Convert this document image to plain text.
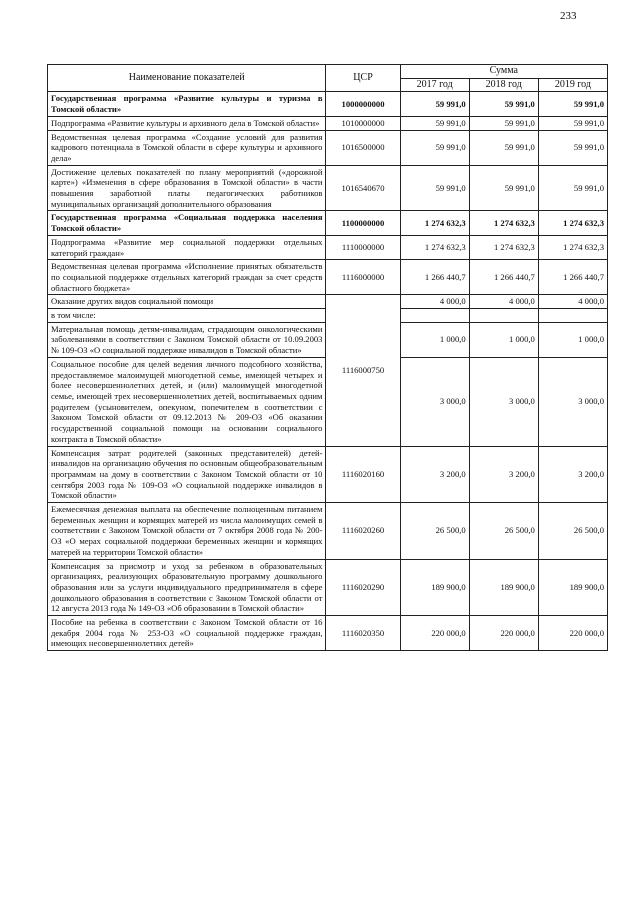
233
Наименование показателей	ЦСР	Сумма		
		2017 год	2018 год	2019 год
Государственная программа «Развитие культуры и туризма в Томской области»	1000000000	59 991,0	59 991,0	59 991,0
Подпрограмма «Развитие культуры и архивного дела в Томской области»	1010000000	59 991,0	59 991,0	59 991,0
Ведомственная целевая программа «Создание условий для развития кадрового потенциала в Томской области в сфере культуры и архивного дела»	1016500000	59 991,0	59 991,0	59 991,0
Достижение целевых показателей по плану мероприятий («дорожной карте») «Изменения в сфере образования в Томской области» в части повышения заработной платы педагогических работников муниципальных организаций дополнительного образования	1016540670	59 991,0	59 991,0	59 991,0
Государственная программа «Социальная поддержка населения Томской области»	1100000000	1 274 632,3	1 274 632,3	1 274 632,3
Подпрограмма «Развитие мер социальной поддержки отдельных категорий граждан»	1110000000	1 274 632,3	1 274 632,3	1 274 632,3
Ведомственная целевая программа «Исполнение принятых обязательств по социальной поддержке отдельных категорий граждан за счет средств областного бюджета»	1116000000	1 266 440,7	1 266 440,7	1 266 440,7
Оказание других видов социальной помощи	1116000750	4 000,0	4 000,0	4 000,0
в том числе:				
Материальная помощь детям-инвалидам, страдающим онкологическими заболеваниями в соответствии с Законом Томской области от 10.09.2003 № 109-ОЗ «О социальной поддержке инвалидов в Томской области»		1 000,0	1 000,0	1 000,0
Социальное пособие для целей ведения личного подсобного хозяйства, предоставляемое малоимущей многодетной семье, имеющей четырех и более несовершеннолетних детей, и (или) малоимущей многодетной семье, имеющей трех несовершеннолетних детей, воспитываемых одним родителем (усыновителем, опекуном, попечителем в соответствии с Законом Томской области от 09.12.2013 № 209-ОЗ «Об оказании государственной социальной помощи на основании социального контракта в Томской области»		3 000,0	3 000,0	3 000,0
Компенсация затрат родителей (законных представителей) детей-инвалидов на организацию обучения по основным общеобразовательным программам на дому в соответствии с Законом Томской области от 10 сентября 2003 года № 109-ОЗ «О социальной поддержке инвалидов в Томской области»	1116020160	3 200,0	3 200,0	3 200,0
Ежемесячная денежная выплата на обеспечение полноценным питанием беременных женщин и кормящих матерей из числа малоимущих семей в соответствии с Законом Томской области от 7 октября 2008 года № 200-ОЗ «О мерах социальной поддержки беременных женщин и кормящих матерей на территории Томской области»	1116020260	26 500,0	26 500,0	26 500,0
Компенсация за присмотр и уход за ребенком в образовательных организациях, реализующих образовательную программу дошкольного образования или за услуги индивидуального предпринимателя в сфере дошкольного образования в соответствии с Законом Томской области от 12 августа 2013 года № 149-ОЗ «Об образовании в Томской области»	1116020290	189 900,0	189 900,0	189 900,0
Пособие на ребенка в соответствии с Законом Томской области от 16 декабря 2004 года № 253-ОЗ «О социальной поддержке граждан, имеющих несовершеннолетних детей»	1116020350	220 000,0	220 000,0	220 000,0
